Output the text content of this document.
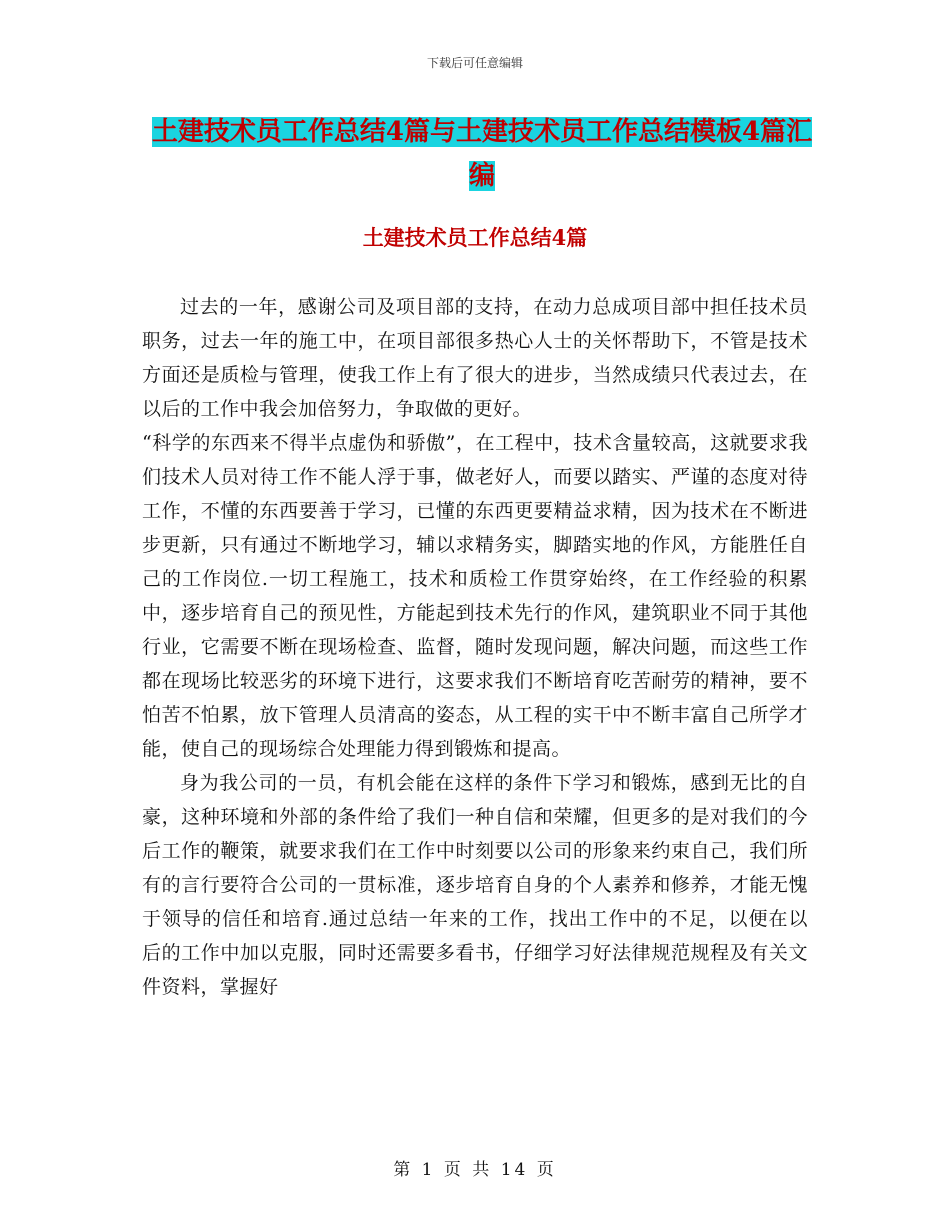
下载后可任意编辑
土建技术员工作总结4篇与土建技术员工作总结模板4篇汇编
土建技术员工作总结4篇

过去的一年，感谢公司及项目部的支持，在动力总成项目部中担任技术员职务，过去一年的施工中，在项目部很多热心人士的关怀帮助下，不管是技术方面还是质检与管理，使我工作上有了很大的进步，当然成绩只代表过去，在以后的工作中我会加倍努力，争取做的更好。

“科学的东西来不得半点虚伪和骄傲”，在工程中，技术含量较高，这就要求我们技术人员对待工作不能人浮于事，做老好人，而要以踏实、严谨的态度对待工作，不懂的东西要善于学习，已懂的东西更要精益求精，因为技术在不断进步更新，只有通过不断地学习，辅以求精务实，脚踏实地的作风，方能胜任自己的工作岗位.一切工程施工，技术和质检工作贯穿始终，在工作经验的积累中，逐步培育自己的预见性，方能起到技术先行的作风，建筑职业不同于其他行业，它需要不断在现场检查、监督，随时发现问题，解决问题，而这些工作都在现场比较恶劣的环境下进行，这要求我们不断培育吃苦耐劳的精神，要不怕苦不怕累，放下管理人员清高的姿态，从工程的实干中不断丰富自己所学才能，使自己的现场综合处理能力得到锻炼和提高。

身为我公司的一员，有机会能在这样的条件下学习和锻炼，感到无比的自豪，这种环境和外部的条件给了我们一种自信和荣耀，但更多的是对我们的今后工作的鞭策，就要求我们在工作中时刻要以公司的形象来约束自己，我们所有的言行要符合公司的一贯标准，逐步培育自身的个人素养和修养，才能无愧于领导的信任和培育.通过总结一年来的工作，找出工作中的不足，以便在以后的工作中加以克服，同时还需要多看书，仔细学习好法律规范规程及有关文件资料，掌握好

第 1 页 共 14 页
